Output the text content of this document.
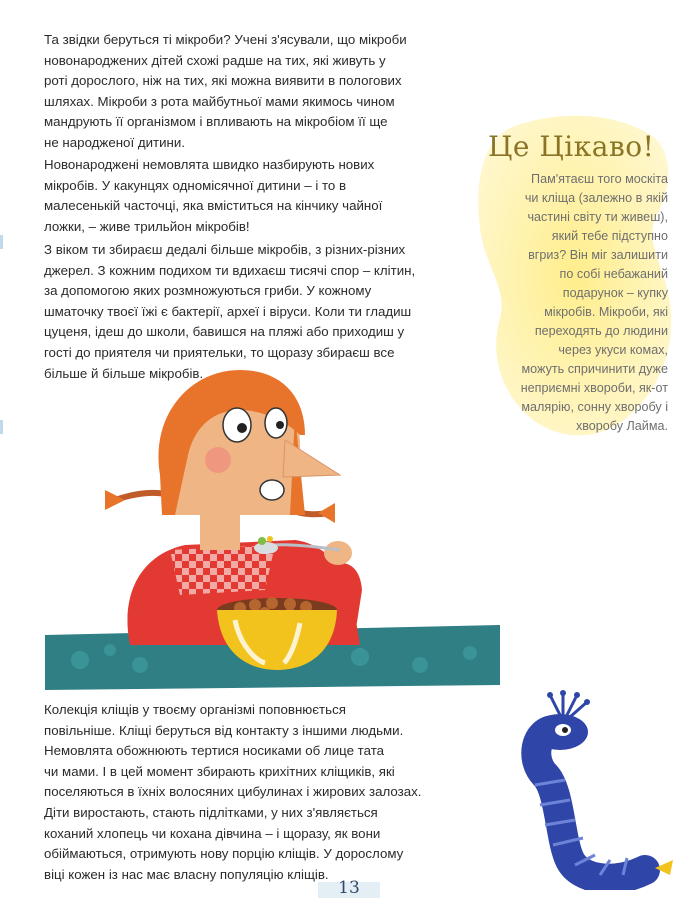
Та звідки беруться ті мікроби? Учені з'ясували, що мікроби
новонароджених дітей схожі радше на тих, які живуть у
роті дорослого, ніж на тих, які можна виявити в пологових
шляхах. Мікроби з рота майбутньої мами якимось чином
мандрують її організмом і впливають на мікробіом її ще
не народженої дитини.

Новонароджені немовлята швидко назбирують нових
мікробів. У какунцях одномісячної дитини – і то в
малесенькій часточці, яка вміститься на кінчику чайної
ложки, – живе трильйон мікробів!

З віком ти збираєш дедалі більше мікробів, з різних-різних
джерел. З кожним подихом ти вдихаєш тисячі спор – клітин,
за допомогою яких розмножуються гриби. У кожному
шматочку твоєї їжі є бактерії, археї і віруси. Коли ти гладиш
цуценя, ідеш до школи, бавишся на пляжі або приходиш у
гості до приятеля чи приятельки, то щоразу збираєш все
більше й більше мікробів.

Це Цікаво!

Пам'ятаєш того москіта
чи кліща (залежно в якій
частині світу ти живеш),
який тебе підступно
вгриз? Він міг залишити
по собі небажаний
подарунок – купку
мікробів. Мікроби, які
переходять до людини
через укуси комах,
можуть спричинити дуже
неприємні хвороби, як-от
малярію, сонну хворобу і
хворобу Лайма.

Колекція кліщів у твоєму організмі поповнюється
повільніше. Кліщі беруться від контакту з іншими людьми.
Немовлята обожнюють тертися носиками об лице тата
чи мами. І в цей момент збирають крихітних кліщиків, які
поселяються в їхніх волосяних цибулинах і жирових залозах.
Діти виростають, стають підлітками, у них з'являється
коханий хлопець чи кохана дівчина – і щоразу, як вони
обіймаються, отримують нову порцію кліщів. У дорослому
віці кожен із нас має власну популяцію кліщів.

13
